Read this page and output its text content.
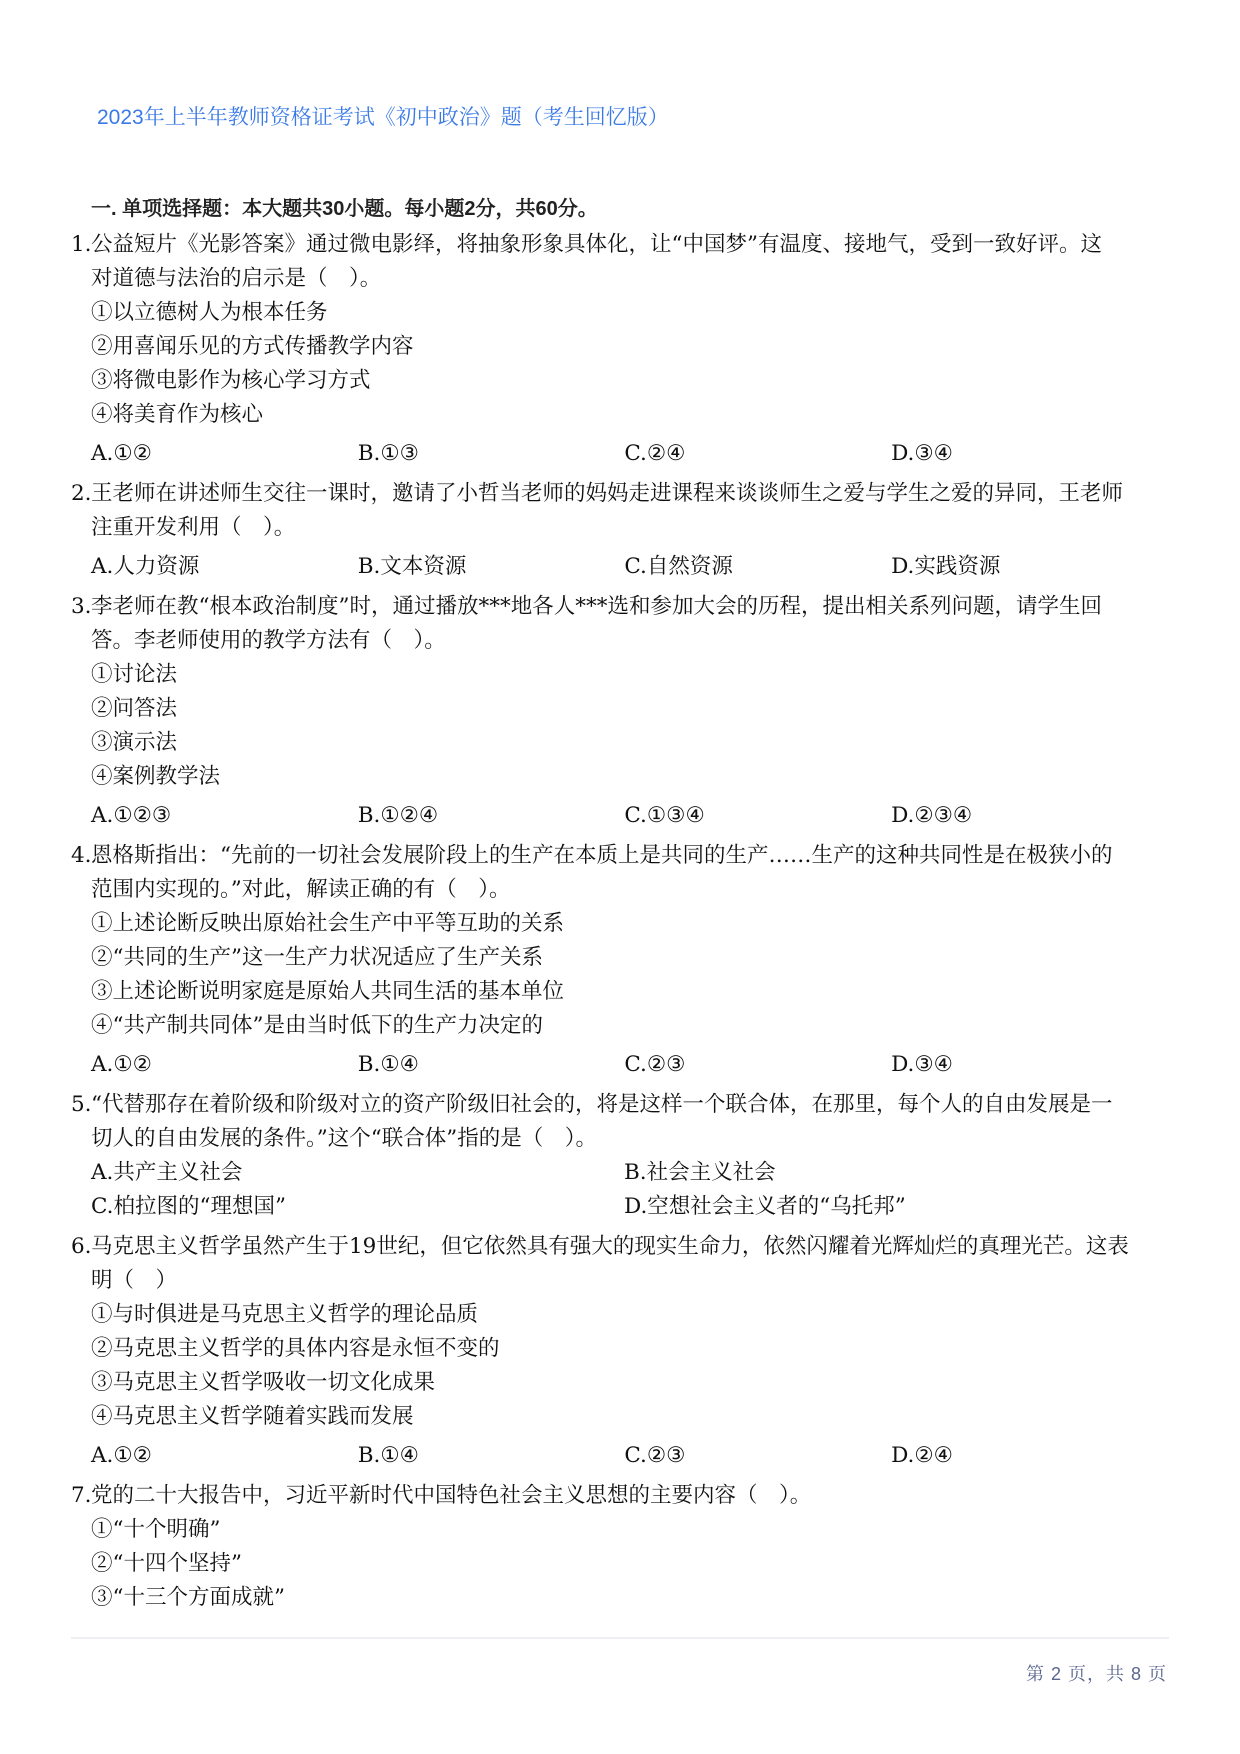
2023年上半年教师资格证考试《初中政治》题（考生回忆版）
一. 单项选择题：本大题共30小题。每小题2分，共60分。
1.公益短片《光影答案》通过微电影绎，将抽象形象具体化，让“中国梦”有温度、接地气，受到一致好评。这
对道德与法治的启示是（　）。
①以立德树人为根本任务
②用喜闻乐见的方式传播教学内容
③将微电影作为核心学习方式
④将美育作为核心
A.①②	B.①③	C.②④	D.③④
2.王老师在讲述师生交往一课时，邀请了小哲当老师的妈妈走进课程来谈谈师生之爱与学生之爱的异同，王老师
注重开发利用（　）。
A.人力资源	B.文本资源	C.自然资源	D.实践资源
3.李老师在教“根本政治制度”时，通过播放***地各人***选和参加大会的历程，提出相关系列问题，请学生回
答。李老师使用的教学方法有（　）。
①讨论法
②问答法
③演示法
④案例教学法
A.①②③	B.①②④	C.①③④	D.②③④
4.恩格斯指出：“先前的一切社会发展阶段上的生产在本质上是共同的生产……生产的这种共同性是在极狭小的
范围内实现的。”对此，解读正确的有（　）。
①上述论断反映出原始社会生产中平等互助的关系
②“共同的生产”这一生产力状况适应了生产关系
③上述论断说明家庭是原始人共同生活的基本单位
④“共产制共同体”是由当时低下的生产力决定的
A.①②	B.①④	C.②③	D.③④
5.“代替那存在着阶级和阶级对立的资产阶级旧社会的，将是这样一个联合体，在那里，每个人的自由发展是一
切人的自由发展的条件。”这个“联合体”指的是（　）。
A.共产主义社会	B.社会主义社会
C.柏拉图的“理想国”	D.空想社会主义者的“乌托邦”
6.马克思主义哲学虽然产生于19世纪，但它依然具有强大的现实生命力，依然闪耀着光辉灿烂的真理光芒。这表
明（　）
①与时俱进是马克思主义哲学的理论品质
②马克思主义哲学的具体内容是永恒不变的
③马克思主义哲学吸收一切文化成果
④马克思主义哲学随着实践而发展
A.①②	B.①④	C.②③	D.②④
7.党的二十大报告中，习近平新时代中国特色社会主义思想的主要内容（　）。
①“十个明确”
②“十四个坚持”
③“十三个方面成就”
第 2 页，共 8 页
